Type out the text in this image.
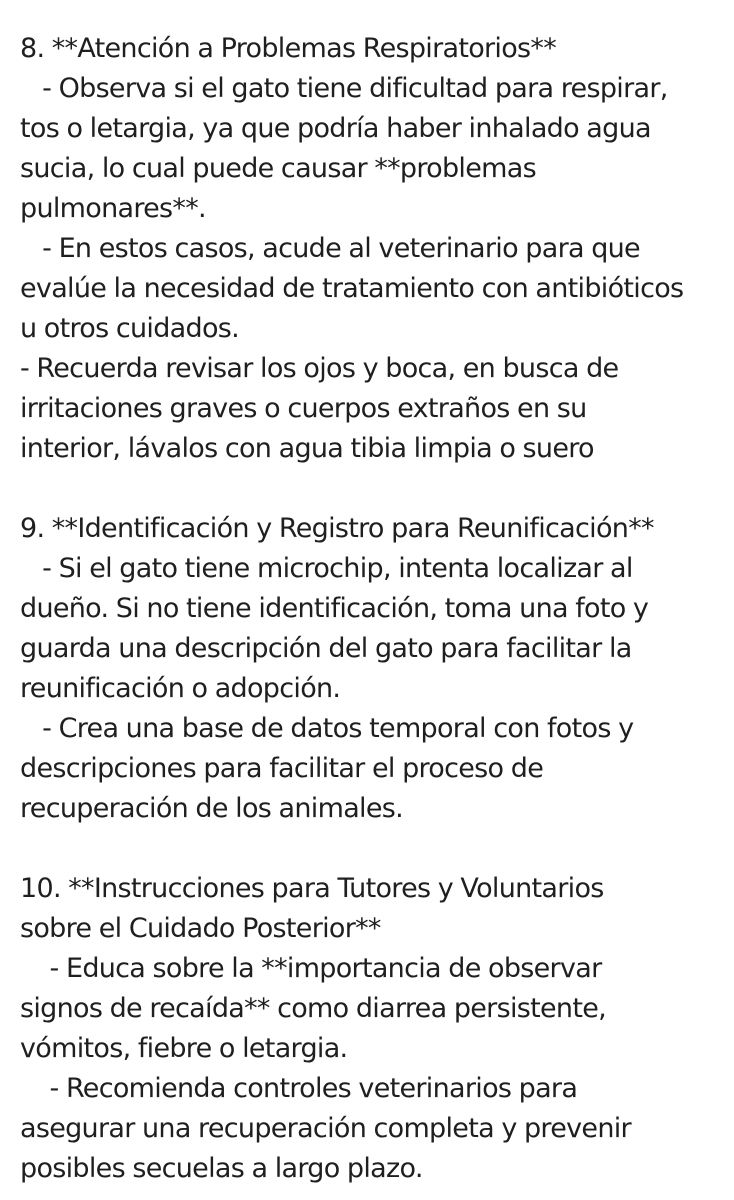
8. **Atención a Problemas Respiratorios**
- Observa si el gato tiene dificultad para respirar,
tos o letargia, ya que podría haber inhalado agua
sucia, lo cual puede causar **problemas
pulmonares**.
- En estos casos, acude al veterinario para que
evalúe la necesidad de tratamiento con antibióticos
u otros cuidados.
- Recuerda revisar los ojos y boca, en busca de
irritaciones graves o cuerpos extraños en su
interior, lávalos con agua tibia limpia o suero
9. **Identificación y Registro para Reunificación**
- Si el gato tiene microchip, intenta localizar al
dueño. Si no tiene identificación, toma una foto y
guarda una descripción del gato para facilitar la
reunificación o adopción.
- Crea una base de datos temporal con fotos y
descripciones para facilitar el proceso de
recuperación de los animales.
10. **Instrucciones para Tutores y Voluntarios
sobre el Cuidado Posterior**
- Educa sobre la **importancia de observar
signos de recaída** como diarrea persistente,
vómitos, fiebre o letargia.
- Recomienda controles veterinarios para
asegurar una recuperación completa y prevenir
posibles secuelas a largo plazo.
